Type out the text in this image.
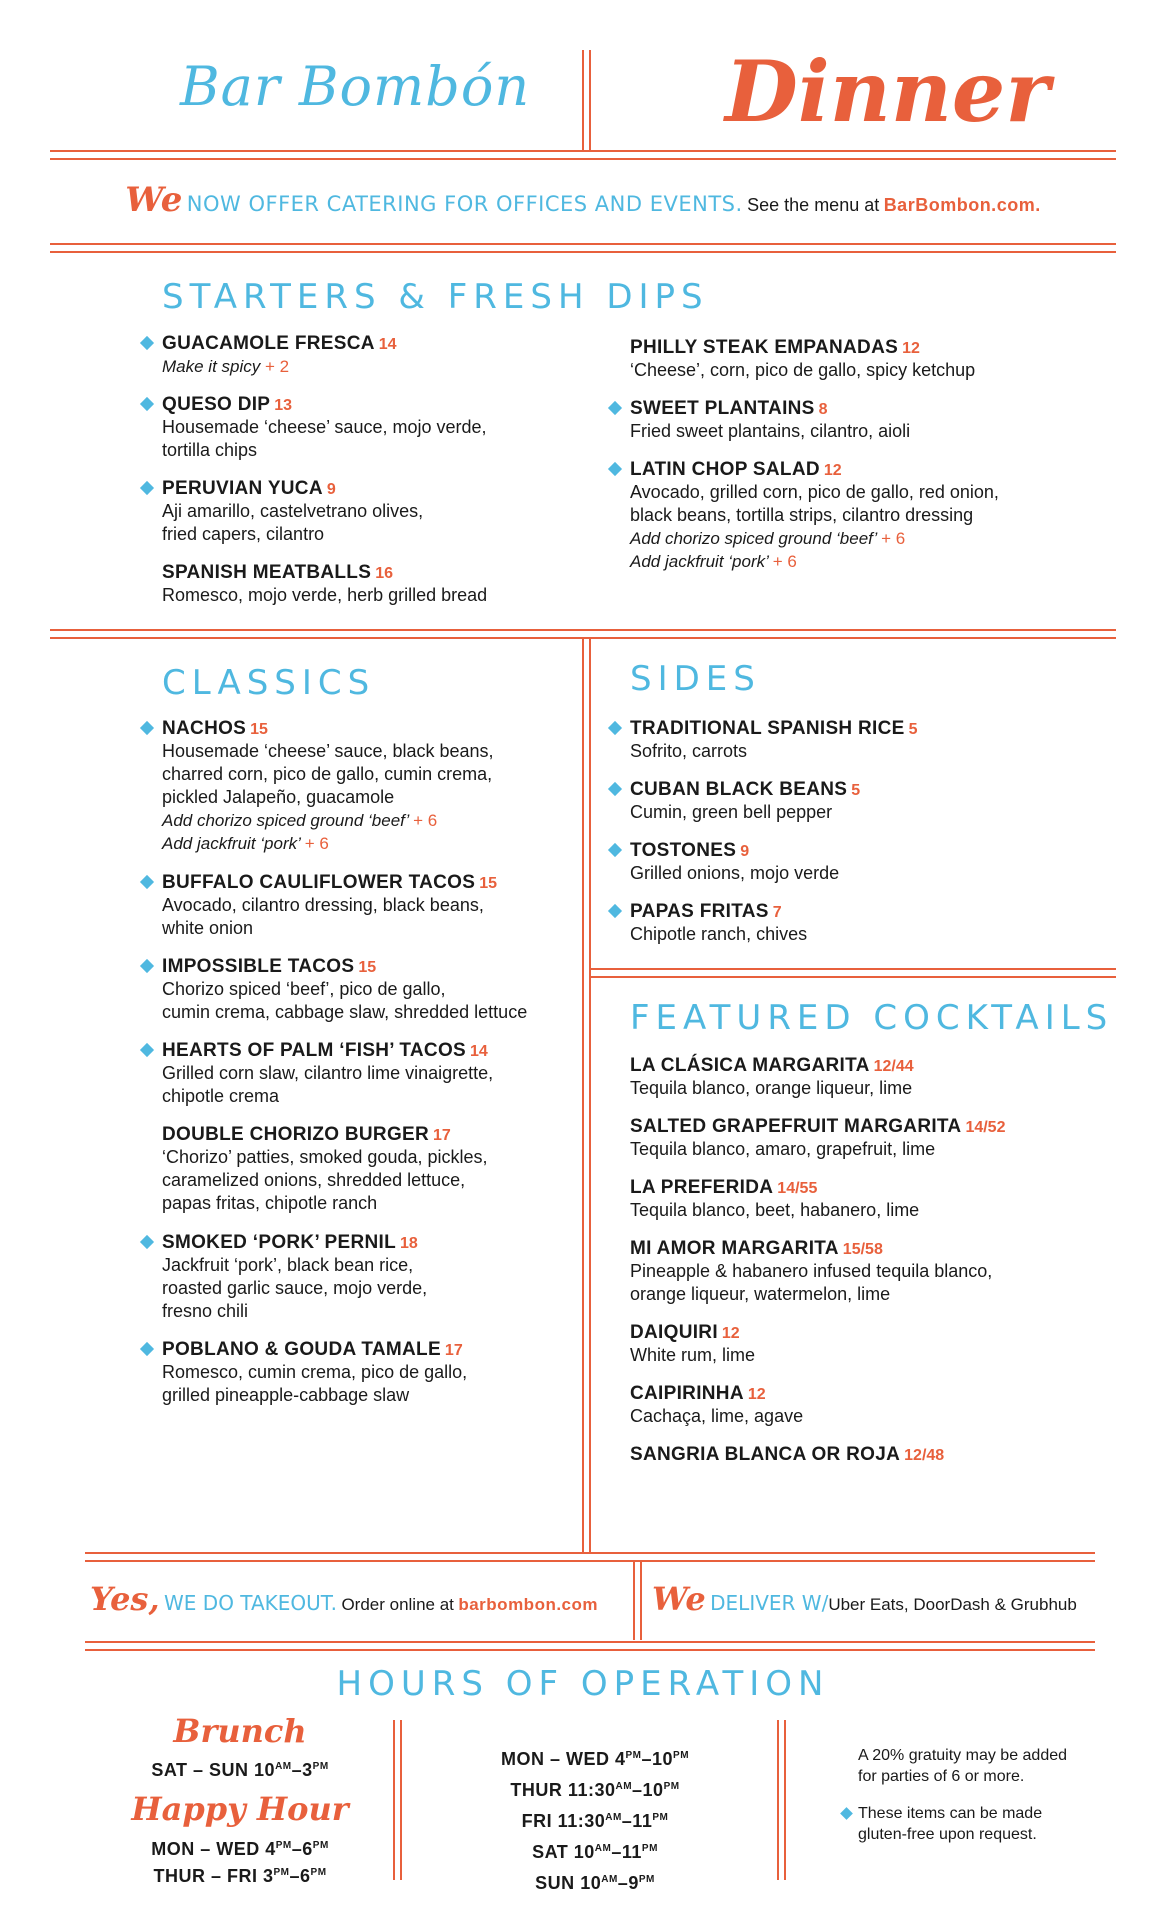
Bar Bombón Dinner
We NOW OFFER CATERING FOR OFFICES AND EVENTS. See the menu at BarBombon.com.
STARTERS & FRESH DIPS
GUACAMOLE FRESCA 14
Make it spicy + 2
QUESO DIP 13
Housemade ‘cheese’ sauce, mojo verde,
tortilla chips
PERUVIAN YUCA 9
Aji amarillo, castelvetrano olives,
fried capers, cilantro
SPANISH MEATBALLS 16
Romesco, mojo verde, herb grilled bread
PHILLY STEAK EMPANADAS 12
‘Cheese’, corn, pico de gallo, spicy ketchup
SWEET PLANTAINS 8
Fried sweet plantains, cilantro, aioli
LATIN CHOP SALAD 12
Avocado, grilled corn, pico de gallo, red onion,
black beans, tortilla strips, cilantro dressing
Add chorizo spiced ground ‘beef’ + 6
Add jackfruit ‘pork’ + 6
CLASSICS
NACHOS 15
Housemade ‘cheese’ sauce, black beans,
charred corn, pico de gallo, cumin crema,
pickled Jalapeño, guacamole
Add chorizo spiced ground ‘beef’ + 6
Add jackfruit ‘pork’ + 6
BUFFALO CAULIFLOWER TACOS 15
Avocado, cilantro dressing, black beans,
white onion
IMPOSSIBLE TACOS 15
Chorizo spiced ‘beef’, pico de gallo,
cumin crema, cabbage slaw, shredded lettuce
HEARTS OF PALM ‘FISH’ TACOS 14
Grilled corn slaw, cilantro lime vinaigrette,
chipotle crema
DOUBLE CHORIZO BURGER 17
‘Chorizo’ patties, smoked gouda, pickles,
caramelized onions, shredded lettuce,
papas fritas, chipotle ranch
SMOKED ‘PORK’ PERNIL 18
Jackfruit ‘pork’, black bean rice,
roasted garlic sauce, mojo verde,
fresno chili
POBLANO & GOUDA TAMALE 17
Romesco, cumin crema, pico de gallo,
grilled pineapple-cabbage slaw
SIDES
TRADITIONAL SPANISH RICE 5
Sofrito, carrots
CUBAN BLACK BEANS 5
Cumin, green bell pepper
TOSTONES 9
Grilled onions, mojo verde
PAPAS FRITAS 7
Chipotle ranch, chives
FEATURED COCKTAILS
LA CLÁSICA MARGARITA 12/44
Tequila blanco, orange liqueur, lime
SALTED GRAPEFRUIT MARGARITA 14/52
Tequila blanco, amaro, grapefruit, lime
LA PREFERIDA 14/55
Tequila blanco, beet, habanero, lime
MI AMOR MARGARITA 15/58
Pineapple & habanero infused tequila blanco,
orange liqueur, watermelon, lime
DAIQUIRI 12
White rum, lime
CAIPIRINHA 12
Cachaça, lime, agave
SANGRIA BLANCA OR ROJA 12/48
Yes, WE DO TAKEOUT. Order online at barbombon.com	We DELIVER W/Uber Eats, DoorDash & Grubhub
HOURS OF OPERATION
Brunch
SAT – SUN $10^{AM}-3^{PM}$
Happy Hour
MON – WED $4^{PM}-6^{PM}$
THUR – FRI $3^{PM}-6^{PM}$
MON – WED $4^{PM}-10^{PM}$
THUR $11:30^{AM}-10^{PM}$
FRI $11:30^{AM}-11^{PM}$
SAT $10^{AM}-11^{PM}$
SUN $10^{AM}-9^{PM}$
A 20% gratuity may be added
for parties of 6 or more.
These items can be made
gluten-free upon request.
